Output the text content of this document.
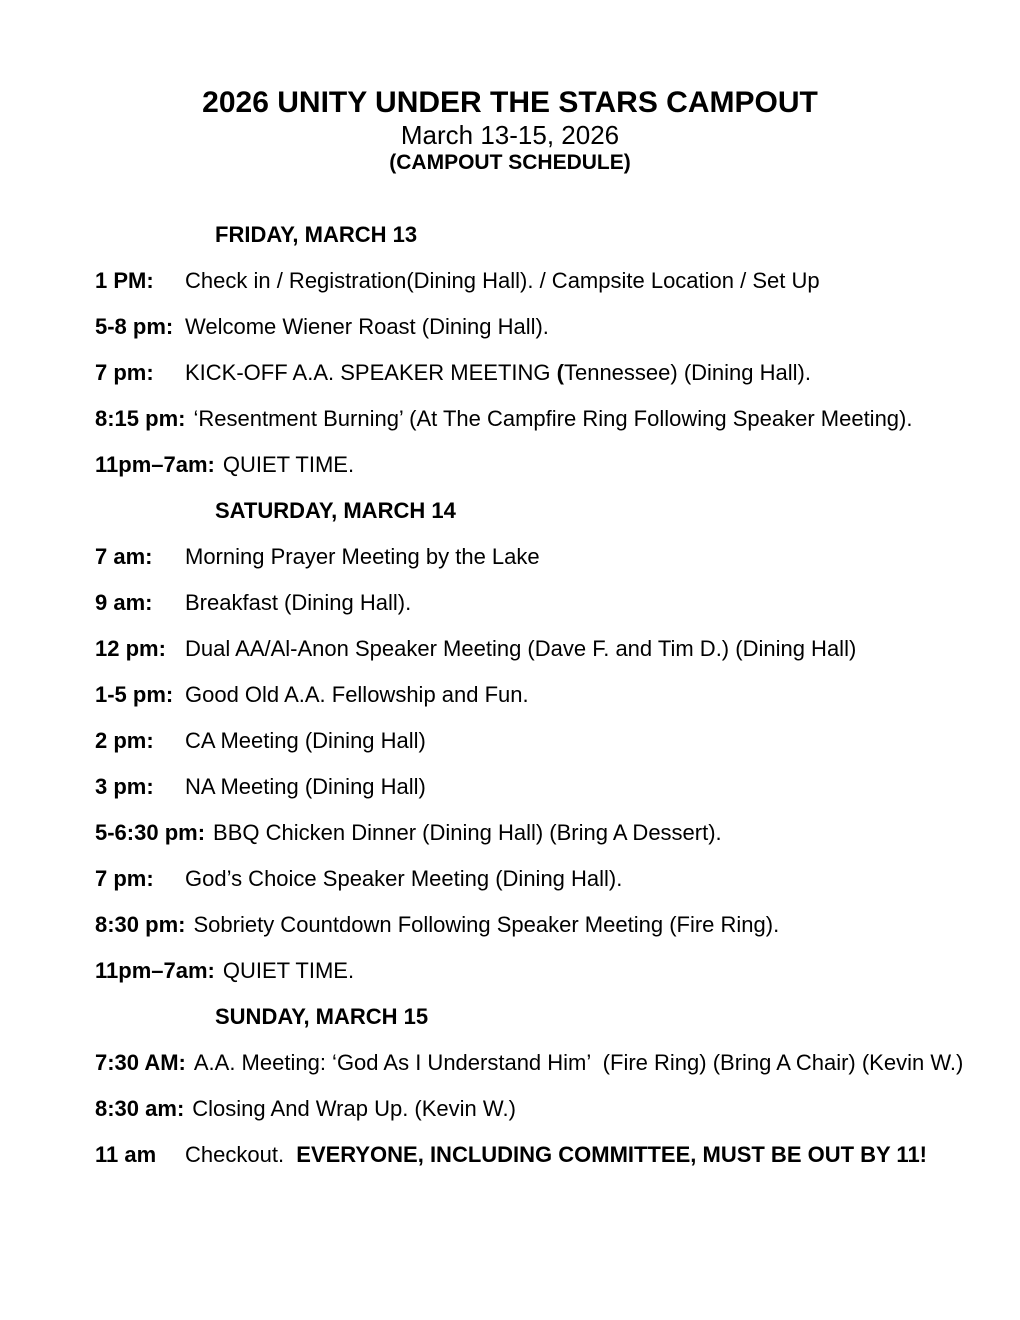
2026 UNITY UNDER THE STARS CAMPOUT
March 13-15, 2026
(CAMPOUT SCHEDULE)
FRIDAY, MARCH 13
1 PM: Check in / Registration(Dining Hall). / Campsite Location / Set Up
5-8 pm: Welcome Wiener Roast (Dining Hall).
7 pm: KICK-OFF A.A. SPEAKER MEETING (Tennessee) (Dining Hall).
8:15 pm: ‘Resentment Burning’ (At The Campfire Ring Following Speaker Meeting).
11pm–7am: QUIET TIME.
SATURDAY, MARCH 14
7 am: Morning Prayer Meeting by the Lake
9 am: Breakfast (Dining Hall).
12 pm: Dual AA/Al-Anon Speaker Meeting (Dave F. and Tim D.) (Dining Hall)
1-5 pm: Good Old A.A. Fellowship and Fun.
2 pm: CA Meeting (Dining Hall)
3 pm: NA Meeting (Dining Hall)
5-6:30 pm: BBQ Chicken Dinner (Dining Hall) (Bring A Dessert).
7 pm: God’s Choice Speaker Meeting (Dining Hall).
8:30 pm: Sobriety Countdown Following Speaker Meeting (Fire Ring).
11pm–7am: QUIET TIME.
SUNDAY, MARCH 15
7:30 AM: A.A. Meeting: ‘God As I Understand Him’  (Fire Ring) (Bring A Chair) (Kevin W.)
8:30 am: Closing And Wrap Up. (Kevin W.)
11 am Checkout.  EVERYONE, INCLUDING COMMITTEE, MUST BE OUT BY 11!
